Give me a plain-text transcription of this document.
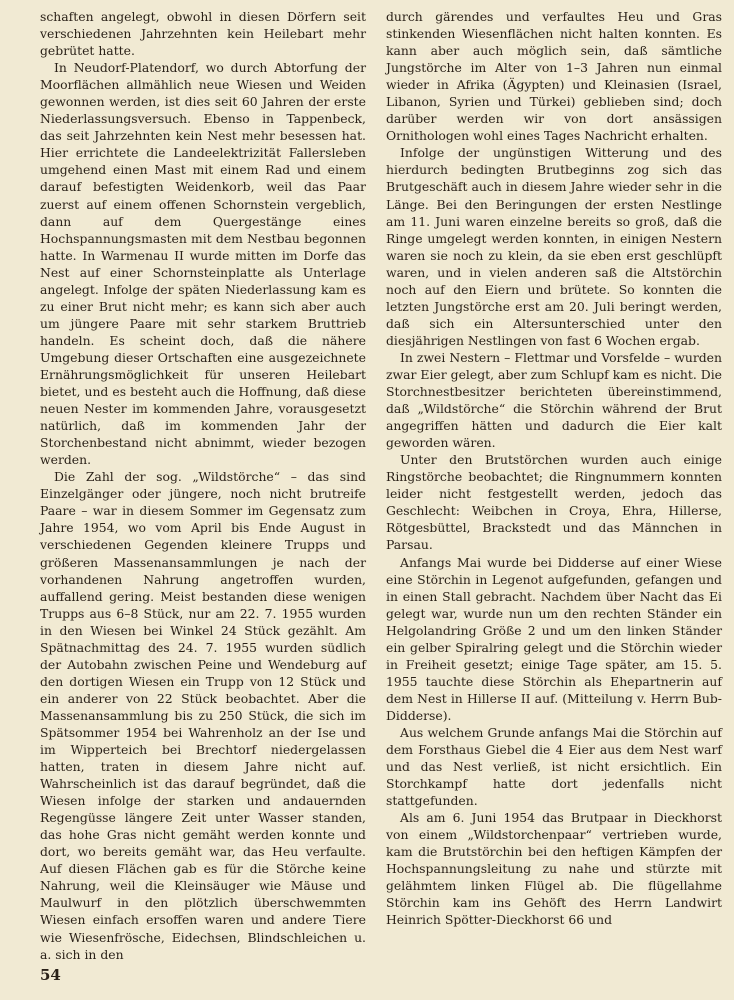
schaften angelegt, obwohl in diesen Dörfern seit verschiedenen Jahrzehnten kein Heilebart mehr gebrütet hatte.

In Neudorf-Platendorf, wo durch Abtorfung der Moorflächen allmählich neue Wiesen und Weiden gewonnen werden, ist dies seit 60 Jahren der erste Niederlassungsversuch. Ebenso in Tappenbeck, das seit Jahrzehnten kein Nest mehr besessen hat. Hier errichtete die Landeelektrizität Fallersleben umgehend einen Mast mit einem Rad und einem darauf befestigten Weidenkorb, weil das Paar zuerst auf einem offenen Schornstein vergeblich, dann auf dem Quergestänge eines Hochspannungsmasten mit dem Nestbau begonnen hatte. In Warmenau II wurde mitten im Dorfe das Nest auf einer Schornsteinplatte als Unterlage angelegt. Infolge der späten Niederlassung kam es zu einer Brut nicht mehr; es kann sich aber auch um jüngere Paare mit sehr starkem Bruttrieb handeln. Es scheint doch, daß die nähere Umgebung dieser Ortschaften eine ausgezeichnete Ernährungsmöglichkeit für unseren Heilebart bietet, und es besteht auch die Hoffnung, daß diese neuen Nester im kommenden Jahre, vorausgesetzt natürlich, daß im kommenden Jahr der Storchenbestand nicht abnimmt, wieder bezogen werden.

Die Zahl der sog. „Wildstörche“ – das sind Einzelgänger oder jüngere, noch nicht brutreife Paare – war in diesem Sommer im Gegensatz zum Jahre 1954, wo vom April bis Ende August in verschiedenen Gegenden kleinere Trupps und größeren Massenansammlungen je nach der vorhandenen Nahrung angetroffen wurden, auffallend gering. Meist bestanden diese wenigen Trupps aus 6–8 Stück, nur am 22. 7. 1955 wurden in den Wiesen bei Winkel 24 Stück gezählt. Am Spätnachmittag des 24. 7. 1955 wurden südlich der Autobahn zwischen Peine und Wendeburg auf den dortigen Wiesen ein Trupp von 12 Stück und ein anderer von 22 Stück beobachtet. Aber die Massenansammlung bis zu 250 Stück, die sich im Spätsommer 1954 bei Wahrenholz an der Ise und im Wipperteich bei Brechtorf niedergelassen hatten, traten in diesem Jahre nicht auf. Wahrscheinlich ist das darauf begründet, daß die Wiesen infolge der starken und andauernden Regengüsse längere Zeit unter Wasser standen, das hohe Gras nicht gemäht werden konnte und dort, wo bereits gemäht war, das Heu verfaulte. Auf diesen Flächen gab es für die Störche keine Nahrung, weil die Kleinsäuger wie Mäuse und Maulwurf in den plötzlich überschwemmten Wiesen einfach ersoffen waren und andere Tiere wie Wiesenfrösche, Eidechsen, Blindschleichen u. a. sich in den

durch gärendes und verfaultes Heu und Gras stinkenden Wiesenflächen nicht halten konnten. Es kann aber auch möglich sein, daß sämtliche Jungstörche im Alter von 1–3 Jahren nun einmal wieder in Afrika (Ägypten) und Kleinasien (Israel, Libanon, Syrien und Türkei) geblieben sind; doch darüber werden wir von dort ansässigen Ornithologen wohl eines Tages Nachricht erhalten.

Infolge der ungünstigen Witterung und des hierdurch bedingten Brutbeginns zog sich das Brutgeschäft auch in diesem Jahre wieder sehr in die Länge. Bei den Beringungen der ersten Nestlinge am 11. Juni waren einzelne bereits so groß, daß die Ringe umgelegt werden konnten, in einigen Nestern waren sie noch zu klein, da sie eben erst geschlüpft waren, und in vielen anderen saß die Altstörchin noch auf den Eiern und brütete. So konnten die letzten Jungstörche erst am 20. Juli beringt werden, daß sich ein Altersunterschied unter den diesjährigen Nestlingen von fast 6 Wochen ergab.

In zwei Nestern – Flettmar und Vorsfelde – wurden zwar Eier gelegt, aber zum Schlupf kam es nicht. Die Storchnestbesitzer berichteten übereinstimmend, daß „Wildstörche“ die Störchin während der Brut angegriffen hätten und dadurch die Eier kalt geworden wären.

Unter den Brutstörchen wurden auch einige Ringstörche beobachtet; die Ringnummern konnten leider nicht festgestellt werden, jedoch das Geschlecht: Weibchen in Croya, Ehra, Hillerse, Rötgesbüttel, Brackstedt und das Männchen in Parsau.

Anfangs Mai wurde bei Didderse auf einer Wiese eine Störchin in Legenot aufgefunden, gefangen und in einen Stall gebracht. Nachdem über Nacht das Ei gelegt war, wurde nun um den rechten Ständer ein Helgolandring Größe 2 und um den linken Ständer ein gelber Spiralring gelegt und die Störchin wieder in Freiheit gesetzt; einige Tage später, am 15. 5. 1955 tauchte diese Störchin als Ehepartnerin auf dem Nest in Hillerse II auf. (Mitteilung v. Herrn Bub-Didderse).

Aus welchem Grunde anfangs Mai die Störchin auf dem Forsthaus Giebel die 4 Eier aus dem Nest warf und das Nest verließ, ist nicht ersichtlich. Ein Storchkampf hatte dort jedenfalls nicht stattgefunden.

Als am 6. Juni 1954 das Brutpaar in Dieckhorst von einem „Wildstorchenpaar“ vertrieben wurde, kam die Brutstörchin bei den heftigen Kämpfen der Hochspannungsleitung zu nahe und stürzte mit gelähmtem linken Flügel ab. Die flügellahme Störchin kam ins Gehöft des Herrn Landwirt Heinrich Spötter-Dieckhorst 66 und

54
